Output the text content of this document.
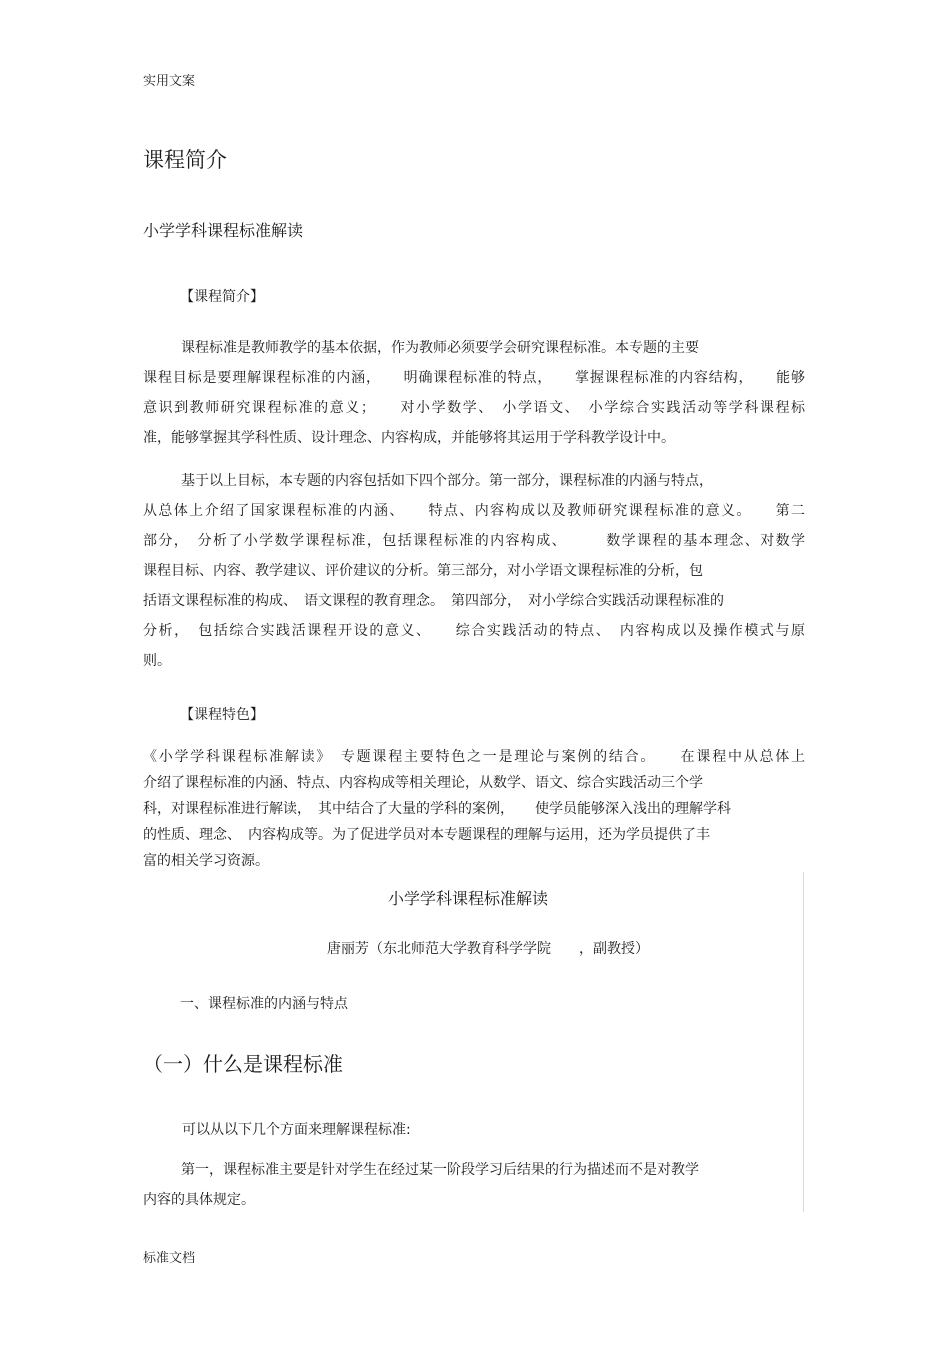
实用文案

课程简介
小学学科课程标准解读

【课程简介】

课程标准是教师教学的基本依据，作为教师必须要学会研究课程标准。本专题的主要
课程目标是要理解课程标准的内涵，　　明确课程标准的特点，　　掌握课程标准的内容结构，　　能够
意识到教师研究课程标准的意义；　　对小学数学、　小学语文、　小学综合实践活动等学科课程标
准，能够掌握其学科性质、设计理念、内容构成，并能够将其运用于学科教学设计中。
基于以上目标，本专题的内容包括如下四个部分。第一部分，课程标准的内涵与特点，
从总体上介绍了国家课程标准的内涵、　　特点、内容构成以及教师研究课程标准的意义。　　第二
部分，　分析了小学数学课程标准，包括课程标准的内容构成、　　　数学课程的基本理念、对数学
课程目标、内容、教学建议、评价建议的分析。第三部分，对小学语文课程标准的分析，包
括语文课程标准的构成、　语文课程的教育理念。　第四部分，　对小学综合实践活动课程标准的
分析，　包括综合实践活课程开设的意义、　　综合实践活动的特点、　内容构成以及操作模式与原
则。

【课程特色】

《小学学科课程标准解读》　专题课程主要特色之一是理论与案例的结合。　　在课程中从总体上
介绍了课程标准的内涵、特点、内容构成等相关理论，从数学、语文、综合实践活动三个学
科，对课程标准进行解读，　其中结合了大量的学科的案例，　　使学员能够深入浅出的理解学科
的性质、理念、　内容构成等。为了促进学员对本专题课程的理解与运用，还为学员提供了丰
富的相关学习资源。

小学学科课程标准解读

唐丽芳（东北师范大学教育科学学院　　，副教授）

一、课程标准的内涵与特点

（一）什么是课程标准

可以从以下几个方面来理解课程标准:

第一，课程标准主要是针对学生在经过某一阶段学习后结果的行为描述而不是对教学
内容的具体规定。

标准文档
